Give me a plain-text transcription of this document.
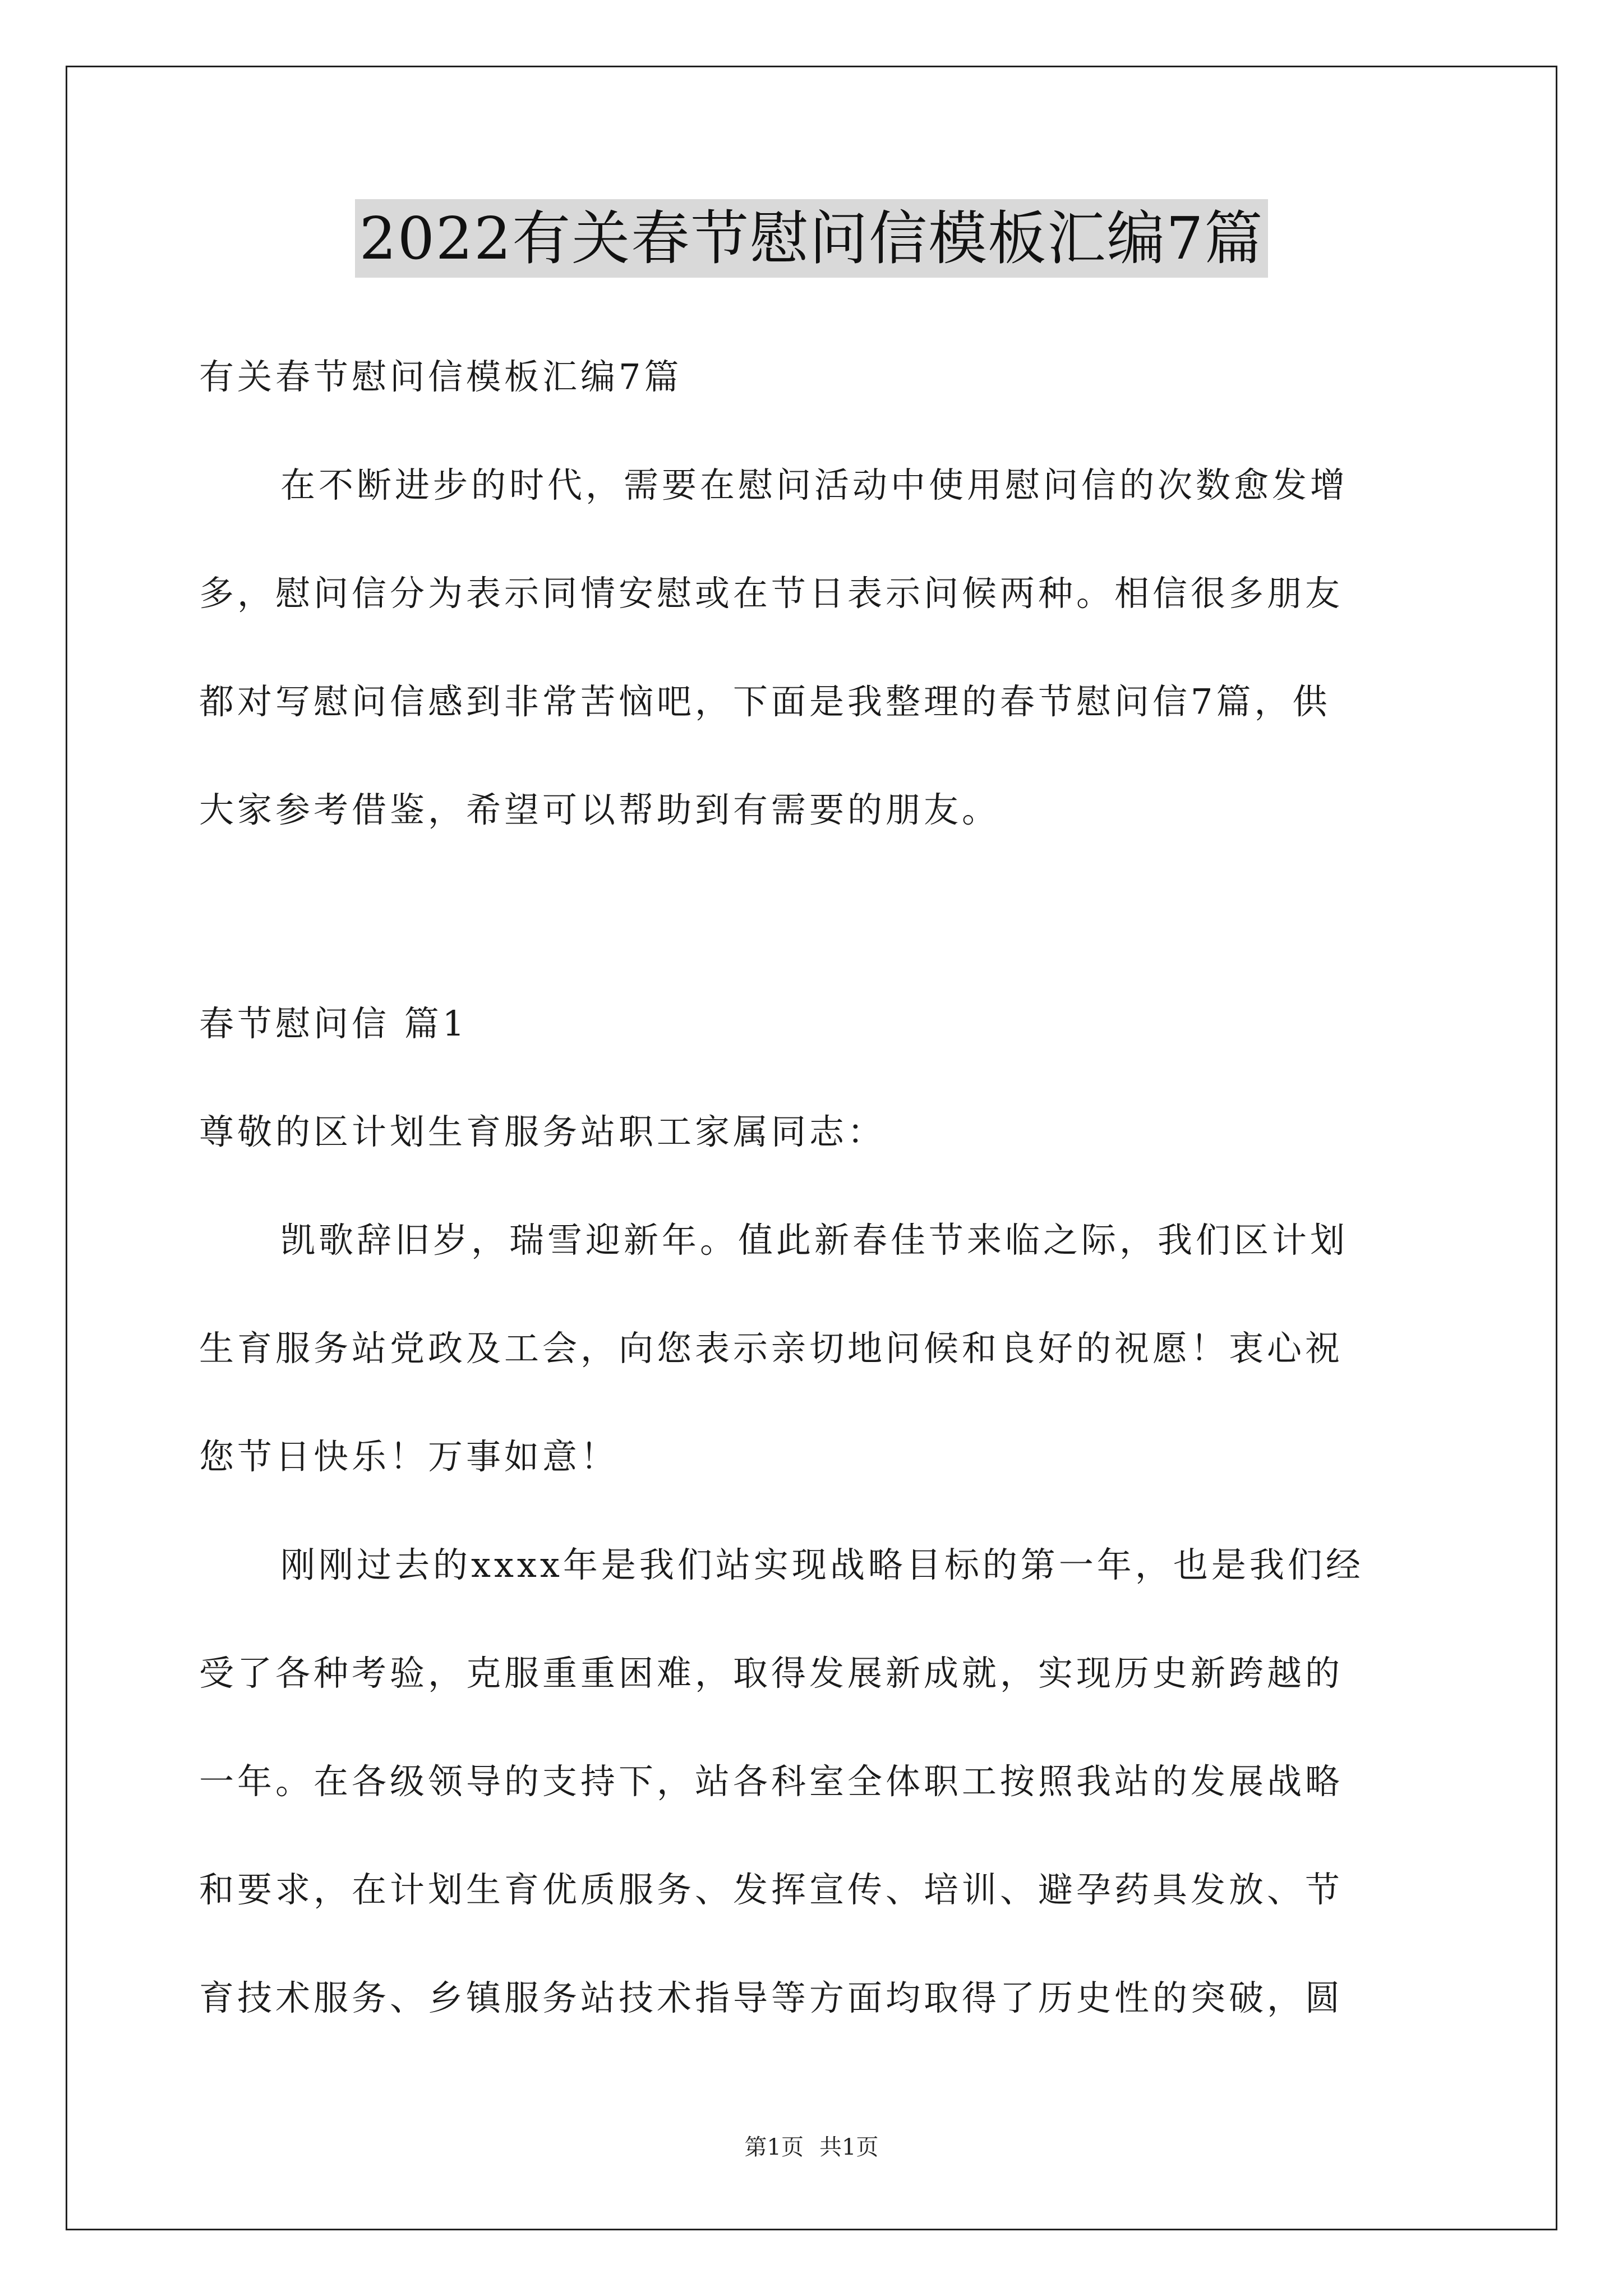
2022有关春节慰问信模板汇编7篇
有关春节慰问信模板汇编7篇
在不断进步的时代，需要在慰问活动中使用慰问信的次数愈发增
多，慰问信分为表示同情安慰或在节日表示问候两种。相信很多朋友
都对写慰问信感到非常苦恼吧，下面是我整理的春节慰问信7篇，供
大家参考借鉴，希望可以帮助到有需要的朋友。
春节慰问信 篇1
尊敬的区计划生育服务站职工家属同志：
凯歌辞旧岁，瑞雪迎新年。值此新春佳节来临之际，我们区计划
生育服务站党政及工会，向您表示亲切地问候和良好的祝愿！衷心祝
您节日快乐！万事如意！
刚刚过去的xxxx年是我们站实现战略目标的第一年，也是我们经
受了各种考验，克服重重困难，取得发展新成就，实现历史新跨越的
一年。在各级领导的支持下，站各科室全体职工按照我站的发展战略
和要求，在计划生育优质服务、发挥宣传、培训、避孕药具发放、节
育技术服务、乡镇服务站技术指导等方面均取得了历史性的突破，圆
第1页 共1页
